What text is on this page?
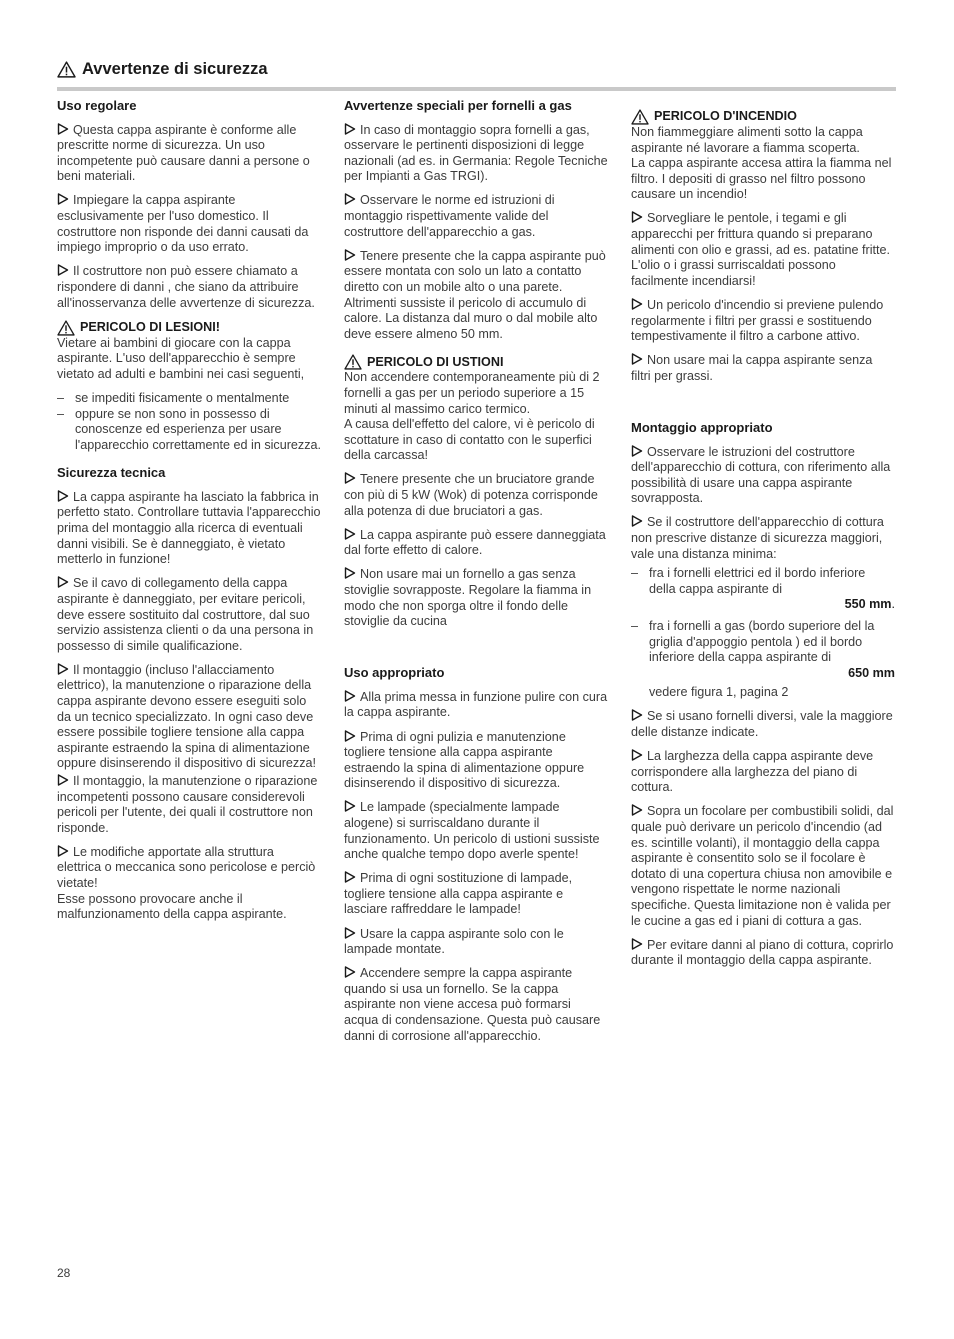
Avvertenze di sicurezza
Uso regolare

Questa cappa aspirante è conforme alle prescritte norme di sicurezza. Un uso incompetente può causare danni a persone o beni materiali.

Impiegare la cappa aspirante esclusivamente per l'uso domestico. Il costruttore non risponde dei danni causati da impiego improprio o da uso errato.

Il costruttore non può essere chiamato a rispondere di danni , che siano da attribuire all'inosservanza delle avvertenze di sicurezza.

PERICOLO DI LESIONI!
Vietare ai bambini di giocare con la cappa aspirante. L'uso dell'apparecchio è sempre vietato ad adulti e bambini nei casi seguenti,
– se impediti fisicamente o mentalmente
– oppure se non sono in possesso di conoscenze ed esperienza per usare l'apparecchio correttamente ed in sicurezza.
Sicurezza tecnica

La cappa aspirante ha lasciato la fabbrica in perfetto stato. Controllare tuttavia l'apparecchio prima del montaggio alla ricerca di eventuali danni visibili. Se è danneggiato, è vietato metterlo in funzione!

Se il cavo di collegamento della cappa aspirante è danneggiato, per evitare pericoli, deve essere sostituito dal costruttore, dal suo servizio assistenza clienti o da una persona in possesso di simile qualificazione.

Il montaggio (incluso l'allacciamento elettrico), la manutenzione o riparazione della cappa aspirante devono essere eseguiti solo da un tecnico specializzato. In ogni caso deve essere possibile togliere tensione alla cappa aspirante estraendo la spina di alimentazione oppure disinserendo il dispositivo di sicurezza!

Il montaggio, la manutenzione o riparazione incompetenti possono causare considerevoli pericoli per l'utente, dei quali il costruttore non risponde.

Le modifiche apportate alla struttura elettrica o meccanica sono pericolose e perciò vietate!

Esse possono provocare anche il malfunzionamento della cappa aspirante.

Avvertenze speciali per fornelli a gas

In caso di montaggio sopra fornelli a gas, osservare le pertinenti disposizioni di legge nazionali (ad es. in Germania: Regole Tecniche per Impianti a Gas TRGI).

Osservare le norme ed istruzioni di montaggio rispettivamente valide del costruttore dell'apparecchio a gas.

Tenere presente che la cappa aspirante può essere montata con solo un lato a contatto diretto con un mobile alto o una parete. Altrimenti sussiste il pericolo di accumulo di calore. La distanza dal muro o dal mobile alto deve essere almeno 50 mm.

PERICOLO DI USTIONI
Non accendere contemporaneamente più di 2 fornelli a gas per un periodo superiore a 15 minuti al massimo carico termico.
A causa dell'effetto del calore, vi è pericolo di scottature in caso di contatto con le superfici della carcassa!

Tenere presente che un bruciatore grande con più di 5 kW (Wok) di potenza corrisponde alla potenza di due bruciatori a gas.

La cappa aspirante può essere danneggiata dal forte effetto di calore.

Non usare mai un fornello a gas senza stoviglie sovrapposte. Regolare la fiamma in modo che non sporga oltre il fondo delle stoviglie da cucina

Uso appropriato

Alla prima messa in funzione pulire con cura la cappa aspirante.

Prima di ogni pulizia e manutenzione togliere tensione alla cappa aspirante estraendo la spina di alimentazione oppure disinserendo il dispositivo di sicurezza.

Le lampade (specialmente lampade alogene) si surriscaldano durante il funzionamento. Un pericolo di ustioni sussiste anche qualche tempo dopo averle spente!

Prima di ogni sostituzione di lampade, togliere tensione alla cappa aspirante e lasciare raffreddare le lampade!

Usare la cappa aspirante solo con le lampade montate.

Accendere sempre la cappa aspirante quando si usa un fornello. Se la cappa aspirante non viene accesa può formarsi acqua di condensazione. Questa può causare danni di corrosione all'apparecchio.

PERICOLO D'INCENDIO
Non fiammeggiare alimenti sotto la cappa aspirante né lavorare a fiamma scoperta.
La cappa aspirante accesa attira la fiamma nel filtro. I depositi di grasso nel filtro possono causare un incendio!

Sorvegliare le pentole, i tegami e gli apparecchi per frittura quando si preparano alimenti con olio e grassi, ad es. patatine fritte. L'olio o i grassi surriscaldati possono facilmente incendiarsi!

Un pericolo d'incendio si previene pulendo regolarmente i filtri per grassi e sostituendo tempestivamente il filtro a carbone attivo.

Non usare mai la cappa aspirante senza filtri per grassi.

Montaggio appropriato

Osservare le istruzioni del costruttore dell'apparecchio di cottura, con riferimento alla possibilità di usare una cappa aspirante sovrapposta.

Se il costruttore dell'apparecchio di cottura non prescrive distanze di sicurezza maggiori, vale una distanza minima:

– fra i fornelli elettrici ed il bordo inferiore della cappa aspirante di
550 mm.
– fra i fornelli a gas (bordo superiore del la griglia d'appoggio pentola ) ed il bordo inferiore della cappa aspirante di
650 mm

vedere figura 1, pagina 2

Se si usano fornelli diversi, vale la maggiore delle distanze indicate.

La larghezza della cappa aspirante deve corrispondere alla larghezza del piano di cottura.

Sopra un focolare per combustibili solidi, dal quale può derivare un pericolo d'incendio (ad es. scintille volanti), il montaggio della cappa aspirante è consentito solo se il focolare è dotato di una copertura chiusa non amovibile e vengono rispettate le norme nazionali specifiche. Questa limitazione non è valida per le cucine a gas ed i piani di cottura a gas.

Per evitare danni al piano di cottura, coprirlo durante il montaggio della cappa aspirante.

28
